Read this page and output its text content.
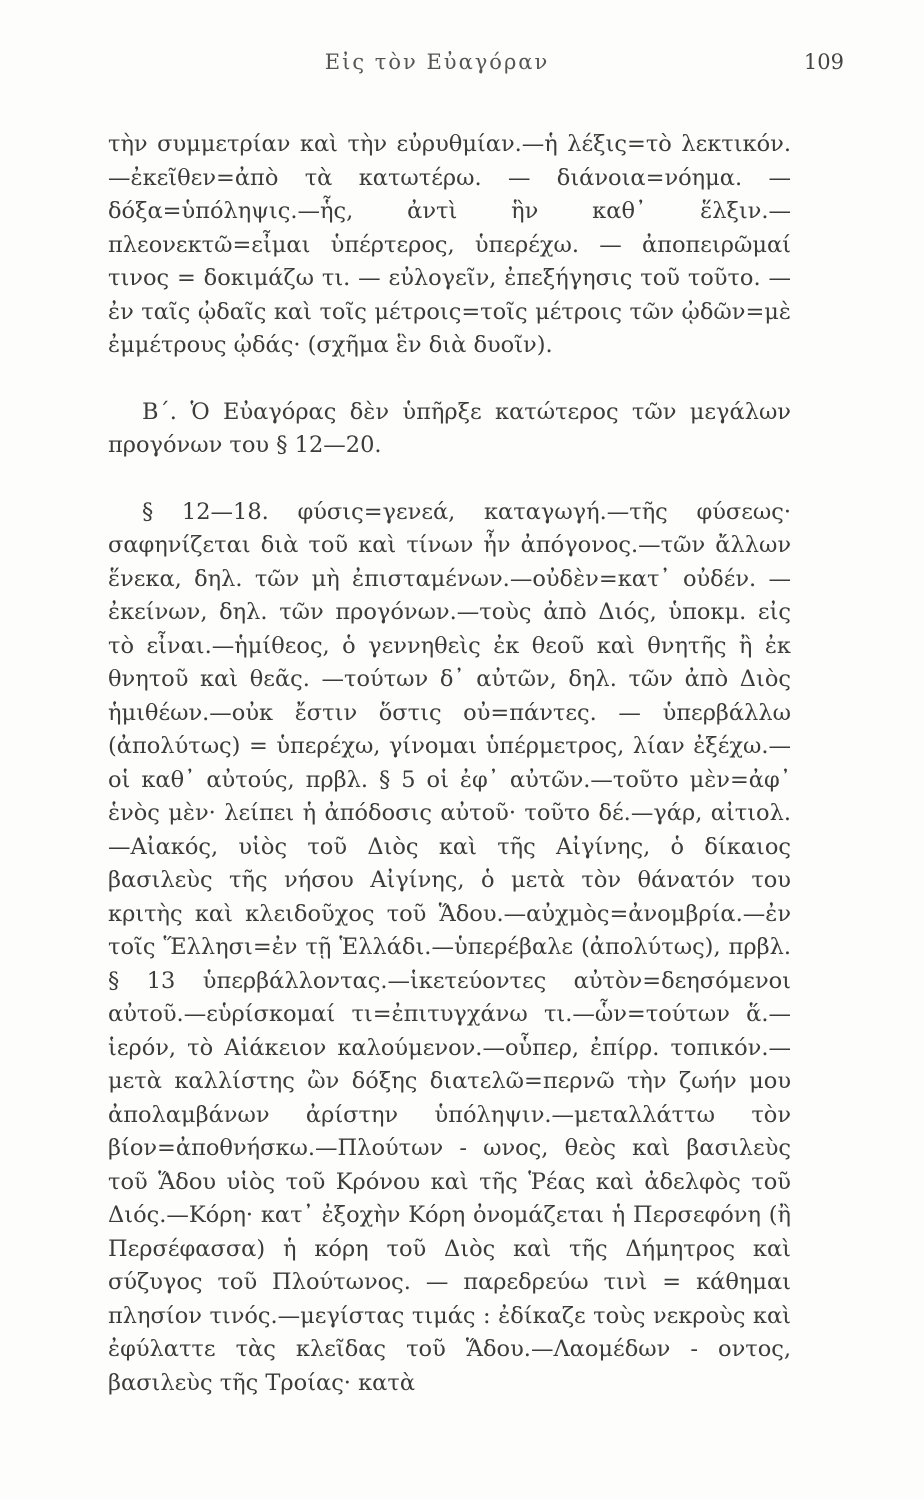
Εἰς τὸν Εὐαγόραν	109

τὴν συμμετρίαν καὶ τὴν εὐρυθμίαν.—ἡ λέξις=τὸ λεκτικόν.—ἐκεῖθεν=ἀπὸ τὰ κατωτέρω. — διάνοια=νόημα. — δόξα=ὑπόληψις.—ἧς, ἀντὶ ἣν καθ᾽ ἕλξιν.—πλεονεκτῶ=εἶμαι ὑπέρτερος, ὑπερέχω. — ἀποπειρῶμαί τινος = δοκιμάζω τι. — εὐλογεῖν, ἐπεξήγησις τοῦ τοῦτο. — ἐν ταῖς ᾠδαῖς καὶ τοῖς μέτροις=τοῖς μέτροις τῶν ᾠδῶν=μὲ ἐμμέτρους ᾠδάς· (σχῆμα ἓν διὰ δυοῖν).

Β΄. Ὁ Εὐαγόρας δὲν ὑπῆρξε κατώτερος τῶν μεγάλων προγόνων του § 12—20.

§ 12—18. φύσις=γενεά, καταγωγή.—τῆς φύσεως· σαφηνίζεται διὰ τοῦ καὶ τίνων ἦν ἀπόγονος.—τῶν ἄλλων ἕνεκα, δηλ. τῶν μὴ ἐπισταμένων.—οὐδὲν=κατ᾽ οὐδέν. — ἐκείνων, δηλ. τῶν προγόνων.—τοὺς ἀπὸ Διός, ὑποκμ. εἰς τὸ εἶναι.—ἡμίθεος, ὁ γεννηθεὶς ἐκ θεοῦ καὶ θνητῆς ἢ ἐκ θνητοῦ καὶ θεᾶς. —τούτων δ᾽ αὐτῶν, δηλ. τῶν ἀπὸ Διὸς ἡμιθέων.—οὐκ ἔστιν ὅστις οὐ=πάντες. — ὑπερβάλλω (ἀπολύτως) = ὑπερέχω, γίνομαι ὑπέρμετρος, λίαν ἐξέχω.—οἱ καθ᾽ αὐτούς, πρβλ. § 5 οἱ ἐφ᾽ αὐτῶν.—τοῦτο μὲν=ἀφ᾽ ἑνὸς μὲν· λείπει ἡ ἀπόδοσις αὐτοῦ· τοῦτο δέ.—γάρ, αἰτιολ.—Αἰακός, υἱὸς τοῦ Διὸς καὶ τῆς Αἰγίνης, ὁ δίκαιος βασιλεὺς τῆς νήσου Αἰγίνης, ὁ μετὰ τὸν θάνατόν του κριτὴς καὶ κλειδοῦχος τοῦ Ἅδου.—αὐχμὸς=ἀνομβρία.—ἐν τοῖς Ἕλλησι=ἐν τῇ Ἑλλάδι.—ὑπερέβαλε (ἀπολύτως), πρβλ. § 13 ὑπερβάλλοντας.—ἱκετεύοντες αὐτὸν=δεησόμενοι αὐτοῦ.—εὑρίσκομαί τι=ἐπιτυγχάνω τι.—ὧν=τούτων ἅ.—ἱερόν, τὸ Αἰάκειον καλούμενον.—οὗπερ, ἐπίρρ. τοπικόν.—μετὰ καλλίστης ὢν δόξης διατελῶ=περνῶ τὴν ζωήν μου ἀπολαμβάνων ἀρίστην ὑπόληψιν.—μεταλλάττω τὸν βίον=ἀποθνήσκω.—Πλούτων - ωνος, θεὸς καὶ βασιλεὺς τοῦ Ἅδου υἱὸς τοῦ Κρόνου καὶ τῆς Ῥέας καὶ ἀδελφὸς τοῦ Διός.—Κόρη· κατ᾽ ἐξοχὴν Κόρη ὀνομάζεται ἡ Περσεφόνη (ἢ Περσέφασσα) ἡ κόρη τοῦ Διὸς καὶ τῆς Δήμητρος καὶ σύζυγος τοῦ Πλούτωνος. — παρεδρεύω τινὶ = κάθημαι πλησίον τινός.—μεγίστας τιμάς : ἐδίκαζε τοὺς νεκροὺς καὶ ἐφύλαττε τὰς κλεῖδας τοῦ Ἅδου.—Λαομέδων - οντος, βασιλεὺς τῆς Τροίας· κατὰ
